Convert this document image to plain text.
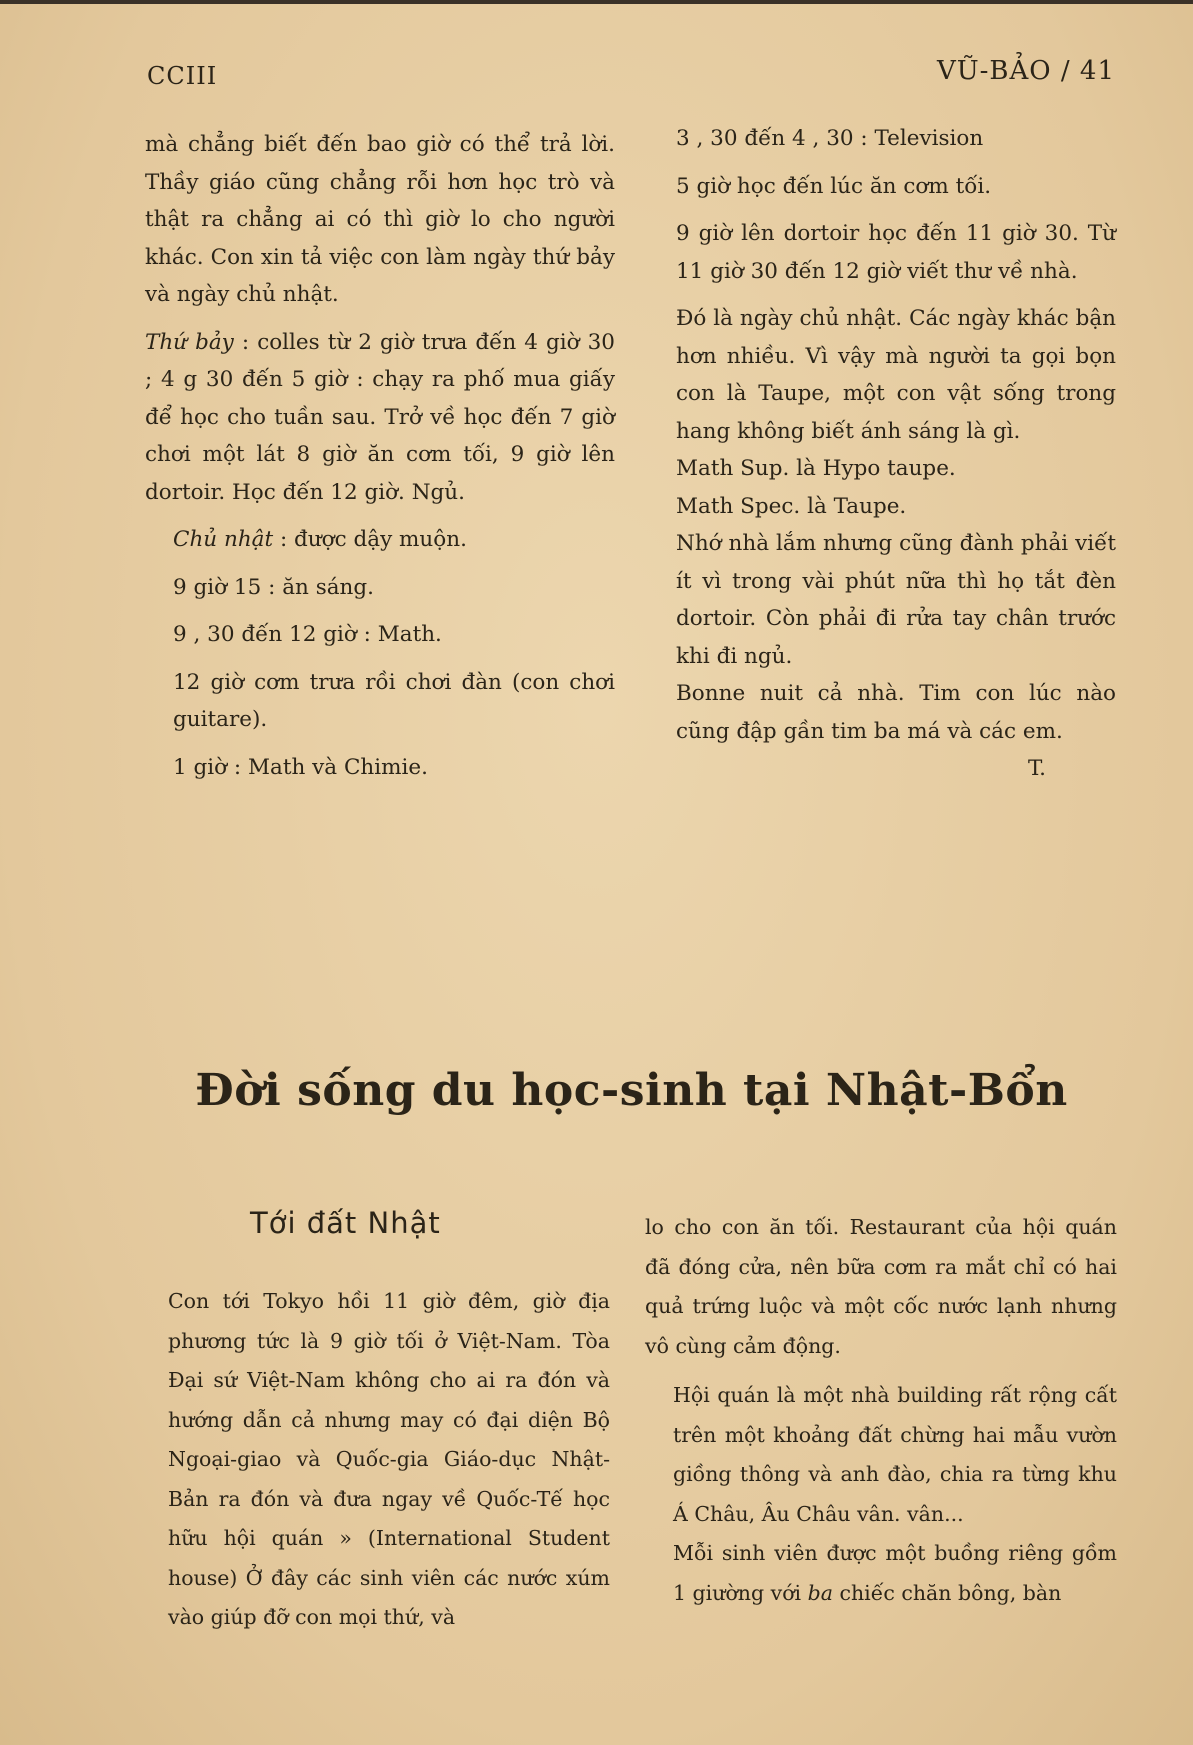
CCIII	VŨ-BẢO / 41

mà chẳng biết đến bao giờ có thể trả lời. Thầy giáo cũng chẳng rỗi hơn học trò và thật ra chẳng ai có thì giờ lo cho người khác. Con xin tả việc con làm ngày thứ bảy và ngày chủ nhật.

Thứ bảy : colles từ 2 giờ trưa đến 4 giờ 30 ; 4 g 30 đến 5 giờ : chạy ra phố mua giấy để học cho tuần sau. Trở về học đến 7 giờ chơi một lát 8 giờ ăn cơm tối, 9 giờ lên dortoir. Học đến 12 giờ. Ngủ.

Chủ nhật : được dậy muộn.

9 giờ 15 : ăn sáng.

9 , 30 đến 12 giờ : Math.

12 giờ cơm trưa rồi chơi đàn (con chơi guitare).

1 giờ : Math và Chimie.

3 , 30 đến 4 , 30 : Television

5 giờ học đến lúc ăn cơm tối.

9 giờ lên dortoir học đến 11 giờ 30. Từ 11 giờ 30 đến 12 giờ viết thư về nhà.

Đó là ngày chủ nhật. Các ngày khác bận hơn nhiều. Vì vậy mà người ta gọi bọn con là Taupe, một con vật sống trong hang không biết ánh sáng là gì.

Math Sup. là Hypo taupe.

Math Spec. là Taupe.

Nhớ nhà lắm nhưng cũng đành phải viết ít vì trong vài phút nữa thì họ tắt đèn dortoir. Còn phải đi rửa tay chân trước khi đi ngủ.

Bonne nuit cả nhà. Tim con lúc nào cũng đập gần tim ba má và các em.

T.

Đời sống du học-sinh tại Nhật-Bổn
Tới đất Nhật

Con tới Tokyo hồi 11 giờ đêm, giờ địa phương tức là 9 giờ tối ở Việt-Nam. Tòa Đại sứ Việt-Nam không cho ai ra đón và hướng dẫn cả nhưng may có đại diện Bộ Ngoại-giao và Quốc-gia Giáo-dục Nhật-Bản ra đón và đưa ngay về Quốc-Tế học hữu hội quán » (International Student house) Ở đây các sinh viên các nước xúm vào giúp đỡ con mọi thứ, và

lo cho con ăn tối. Restaurant của hội quán đã đóng cửa, nên bữa cơm ra mắt chỉ có hai quả trứng luộc và một cốc nước lạnh nhưng vô cùng cảm động.

Hội quán là một nhà building rất rộng cất trên một khoảng đất chừng hai mẫu vườn giồng thông và anh đào, chia ra từng khu Á Châu, Âu Châu vân. vân...

Mỗi sinh viên được một buồng riêng gồm 1 giường với ba chiếc chăn bông, bàn
